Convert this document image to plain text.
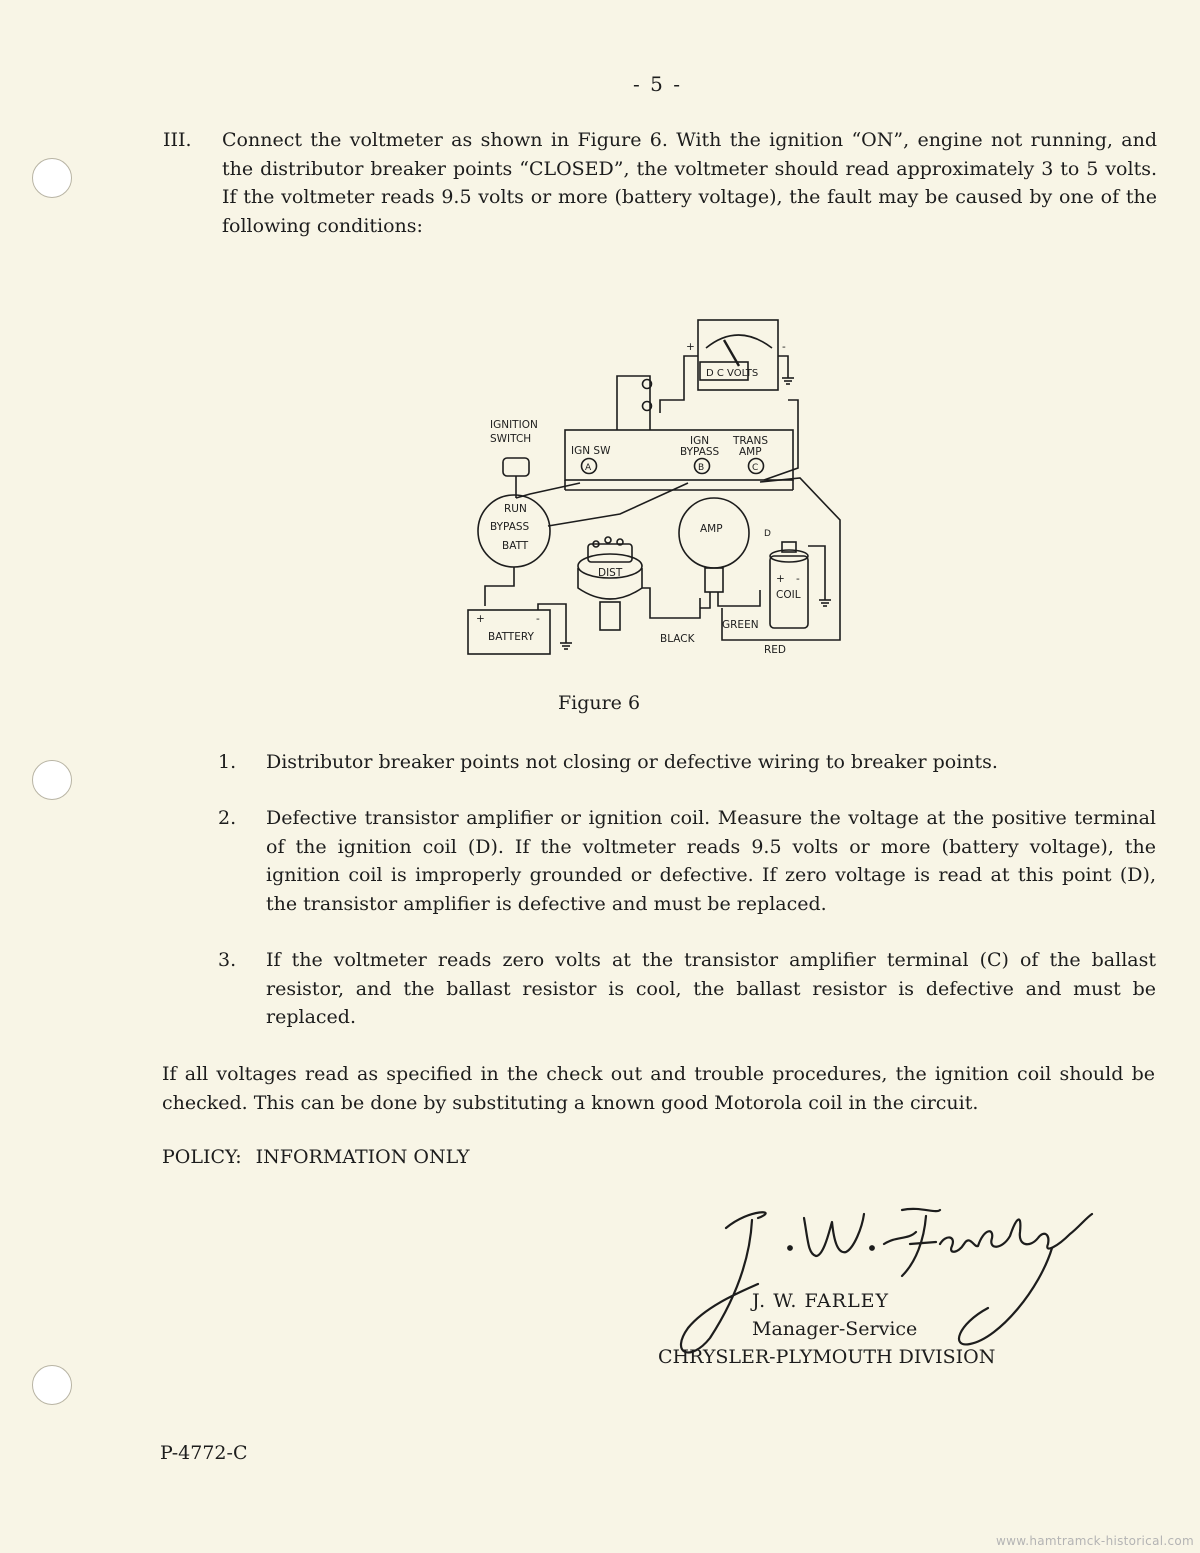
- 5 -
III. Connect the voltmeter as shown in Figure 6. With the ignition “ON”, engine not running, and the distributor breaker points “CLOSED”, the voltmeter should read approximately 3 to 5 volts. If the voltmeter reads 9.5 volts or more (battery voltage), the fault may be caused by one of the following conditions:
+	-
D C VOLTS
IGNITION
SWITCH
IGN SW
IGN
BYPASS
TRANS
AMP
A	B	C
D
RUN
BYPASS
BATT
AMP
DIST
COIL
+	-
+ -
BATTERY	BLACK
GREEN
RED
Figure 6
1. Distributor breaker points not closing or defective wiring to breaker points.
2. Defective transistor amplifier or ignition coil. Measure the voltage at the positive terminal of the ignition coil (D). If the voltmeter reads 9.5 volts or more (battery voltage), the ignition coil is improperly grounded or defective. If zero voltage is read at this point (D), the transistor amplifier is defective and must be replaced.
3. If the voltmeter reads zero volts at the transistor amplifier terminal (C) of the ballast resistor, and the ballast resistor is cool, the ballast resistor is defective and must be replaced.
If all voltages read as specified in the check out and trouble procedures, the ignition coil should be checked. This can be done by substituting a known good Motorola coil in the circuit.
POLICY: INFORMATION ONLY
J. W. FARLEY
Manager-Service
CHRYSLER-PLYMOUTH DIVISION
P-4772-C
www.hamtramck-historical.com
